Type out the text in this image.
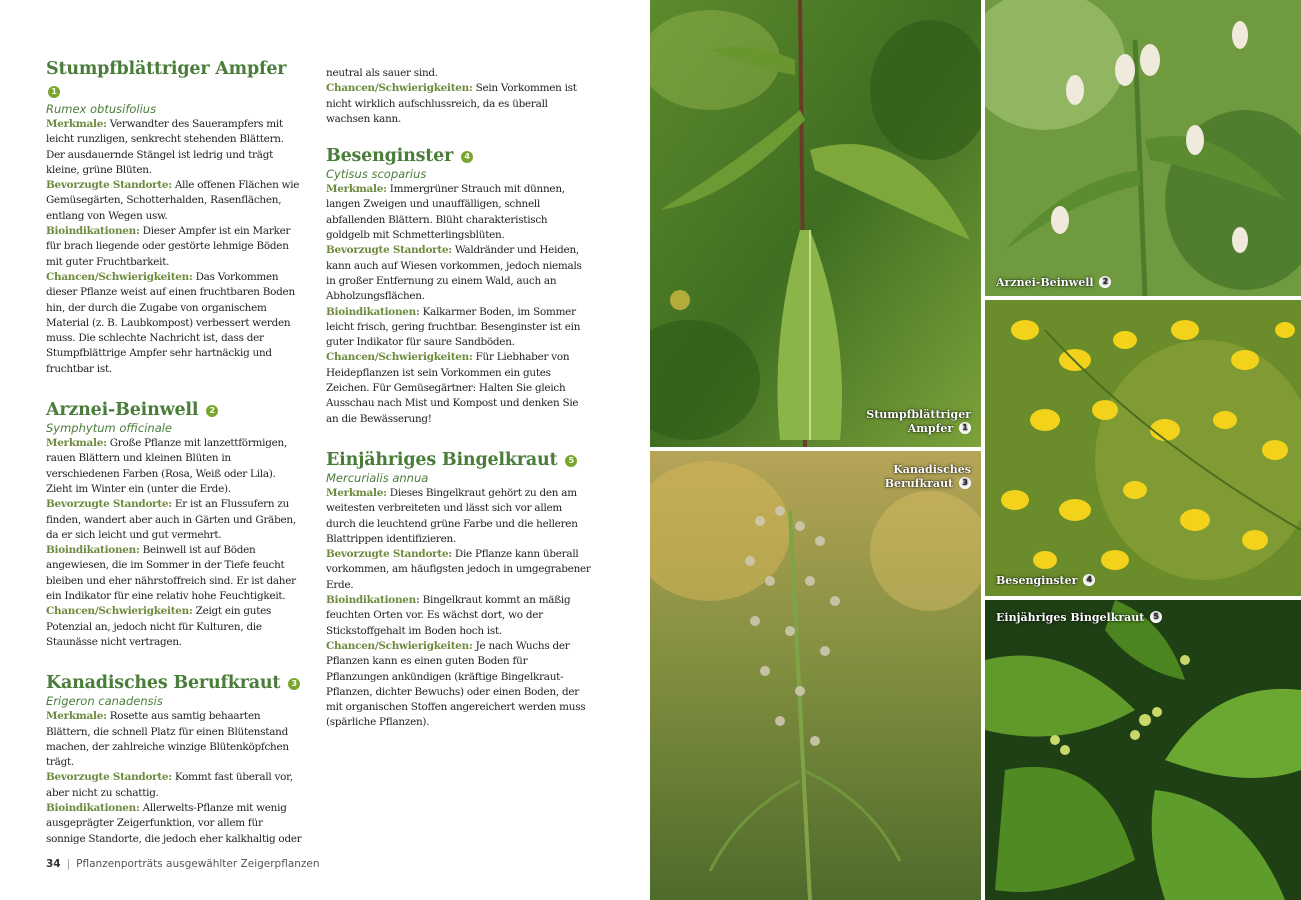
Stumpfblättriger Ampfer 1
Rumex obtusifolius

Merkmale: Verwandter des Sauerampfers mit leicht runzligen, senkrecht stehenden Blättern. Der ausdauernde Stängel ist ledrig und trägt kleine, grüne Blüten.

Bevorzugte Standorte: Alle offenen Flächen wie Gemüsegärten, Schotterhalden, Rasenflächen, entlang von Wegen usw.

Bioindikationen: Dieser Ampfer ist ein Marker für brach liegende oder gestörte lehmige Böden mit guter Fruchtbarkeit.

Chancen/Schwierigkeiten: Das Vorkommen dieser Pflanze weist auf einen fruchtbaren Boden hin, der durch die Zugabe von organischem Material (z. B. Laubkompost) verbessert werden muss. Die schlechte Nachricht ist, dass der Stumpfblättrige Ampfer sehr hartnäckig und fruchtbar ist.

Arznei-Beinwell 2
Symphytum officinale

Merkmale: Große Pflanze mit lanzettförmigen, rauen Blättern und kleinen Blüten in verschiedenen Farben (Rosa, Weiß oder Lila). Zieht im Winter ein (unter die Erde).

Bevorzugte Standorte: Er ist an Flussufern zu finden, wandert aber auch in Gärten und Gräben, da er sich leicht und gut vermehrt.

Bioindikationen: Beinwell ist auf Böden angewiesen, die im Sommer in der Tiefe feucht bleiben und eher nährstoffreich sind. Er ist daher ein Indikator für eine relativ hohe Feuchtigkeit.

Chancen/Schwierigkeiten: Zeigt ein gutes Potenzial an, jedoch nicht für Kulturen, die Staunässe nicht vertragen.

Kanadisches Berufkraut 3
Erigeron canadensis

Merkmale: Rosette aus samtig behaarten Blättern, die schnell Platz für einen Blütenstand machen, der zahlreiche winzige Blütenköpfchen trägt.

Bevorzugte Standorte: Kommt fast überall vor, aber nicht zu schattig.

Bioindikationen: Allerwelts-Pflanze mit wenig ausgeprägter Zeigerfunktion, vor allem für sonnige Standorte, die jedoch eher kalkhaltig oder

neutral als sauer sind.

Chancen/Schwierigkeiten: Sein Vorkommen ist nicht wirklich aufschlussreich, da es überall wachsen kann.

Besenginster 4
Cytisus scoparius

Merkmale: Immergrüner Strauch mit dünnen, langen Zweigen und unauffälligen, schnell abfallenden Blättern. Blüht charakteristisch goldgelb mit Schmetterlingsblüten.

Bevorzugte Standorte: Waldränder und Heiden, kann auch auf Wiesen vorkommen, jedoch niemals in großer Entfernung zu einem Wald, auch an Abholzungsflächen.

Bioindikationen: Kalkarmer Boden, im Sommer leicht frisch, gering fruchtbar. Besenginster ist ein guter Indikator für saure Sandböden.

Chancen/Schwierigkeiten: Für Liebhaber von Heidepflanzen ist sein Vorkommen ein gutes Zeichen. Für Gemüsegärtner: Halten Sie gleich Ausschau nach Mist und Kompost und denken Sie an die Bewässerung!

Einjähriges Bingelkraut 5
Mercurialis annua

Merkmale: Dieses Bingelkraut gehört zu den am weitesten verbreiteten und lässt sich vor allem durch die leuchtend grüne Farbe und die helleren Blattrippen identifizieren.

Bevorzugte Standorte: Die Pflanze kann überall vorkommen, am häufigsten jedoch in umgegrabener Erde.

Bioindikationen: Bingelkraut kommt an mäßig feuchten Orten vor. Es wächst dort, wo der Stickstoffgehalt im Boden hoch ist.

Chancen/Schwierigkeiten: Je nach Wuchs der Pflanzen kann es einen guten Boden für Pflanzungen ankündigen (kräftige Bingelkraut-Pflanzen, dichter Bewuchs) oder einen Boden, der mit organischen Stoffen angereichert werden muss (spärliche Pflanzen).

34 | Pflanzenporträts ausgewählter Zeigerpflanzen
Stumpfblättriger
Ampfer 1
Arznei-Beinwell 2
Kanadisches
Berufkraut 3
Besenginster 4
Einjähriges Bingelkraut 5
